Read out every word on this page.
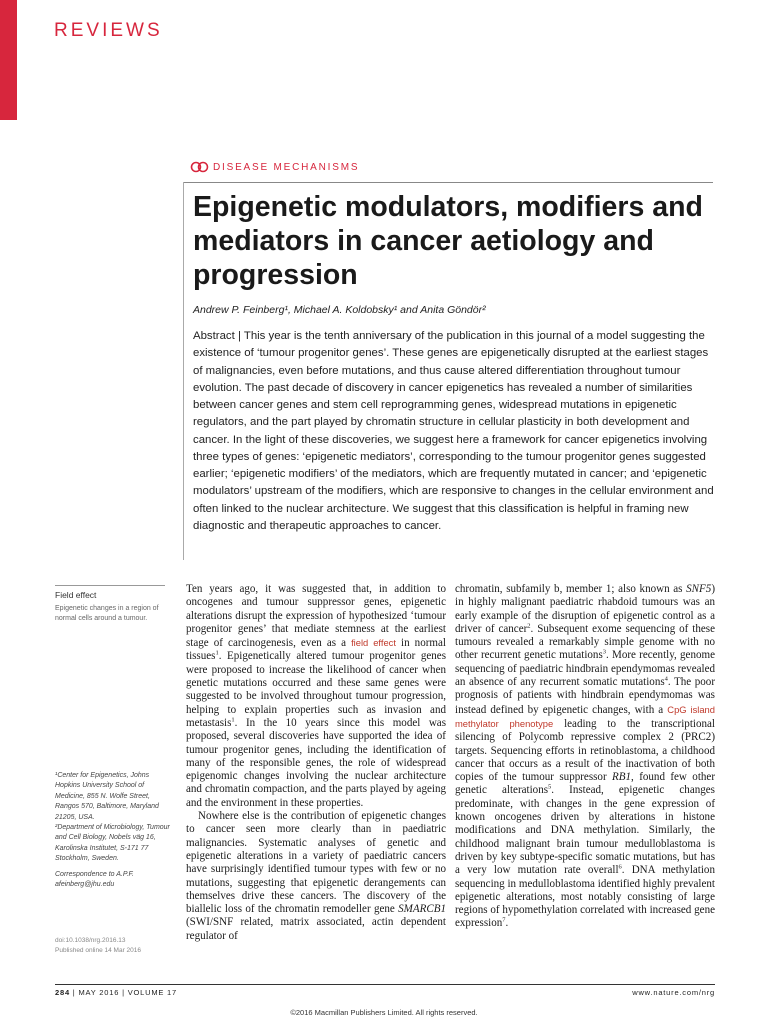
REVIEWS
DISEASE MECHANISMS
Epigenetic modulators, modifiers and mediators in cancer aetiology and progression
Andrew P. Feinberg¹, Michael A. Koldobsky¹ and Anita Göndör²

Abstract | This year is the tenth anniversary of the publication in this journal of a model suggesting the existence of ‘tumour progenitor genes’. These genes are epigenetically disrupted at the earliest stages of malignancies, even before mutations, and thus cause altered differentiation throughout tumour evolution. The past decade of discovery in cancer epigenetics has revealed a number of similarities between cancer genes and stem cell reprogramming genes, widespread mutations in epigenetic regulators, and the part played by chromatin structure in cellular plasticity in both development and cancer. In the light of these discoveries, we suggest here a framework for cancer epigenetics involving three types of genes: ‘epigenetic mediators’, corresponding to the tumour progenitor genes suggested earlier; ‘epigenetic modifiers’ of the mediators, which are frequently mutated in cancer; and ‘epigenetic modulators’ upstream of the modifiers, which are responsive to changes in the cellular environment and often linked to the nuclear architecture. We suggest that this classification is helpful in framing new diagnostic and therapeutic approaches to cancer.

Field effect
Epigenetic changes in a region of normal cells around a tumour.

¹Center for Epigenetics, Johns Hopkins University School of Medicine, 855 N. Wolfe Street, Rangos 570, Baltimore, Maryland 21205, USA.

²Department of Microbiology, Tumour and Cell Biology, Nobels väg 16, Karolinska Institutet, S-171 77 Stockholm, Sweden.

Correspondence to A.P.F. afeinberg@jhu.edu

doi:10.1038/nrg.2016.13
Published online 14 Mar 2016

Ten years ago, it was suggested that, in addition to oncogenes and tumour suppressor genes, epigenetic alterations disrupt the expression of hypothesized ‘tumour progenitor genes’ that mediate stemness at the earliest stage of carcinogenesis, even as a field effect in normal tissues$^1$. Epigenetically altered tumour progenitor genes were proposed to increase the likelihood of cancer when genetic mutations occurred and these same genes were suggested to be involved throughout tumour progression, helping to explain properties such as invasion and metastasis$^1$. In the 10 years since this model was proposed, several discoveries have supported the idea of tumour progenitor genes, including the identification of many of the responsible genes, the role of widespread epigenomic changes involving the nuclear architecture and chromatin compaction, and the parts played by ageing and the environment in these properties.

Nowhere else is the contribution of epigenetic changes to cancer seen more clearly than in paediatric malignancies. Systematic analyses of genetic and epigenetic alterations in a variety of paediatric cancers have surprisingly identified tumour types with few or no mutations, suggesting that epigenetic derangements can themselves drive these cancers. The discovery of the biallelic loss of the chromatin remodeller gene SMARCB1 (SWI/SNF related, matrix associated, actin dependent regulator of

chromatin, subfamily b, member 1; also known as SNF5) in highly malignant paediatric rhabdoid tumours was an early example of the disruption of epigenetic control as a driver of cancer$^2$. Subsequent exome sequencing of these tumours revealed a remarkably simple genome with no other recurrent genetic mutations$^3$. More recently, genome sequencing of paediatric hindbrain ependymomas revealed an absence of any recurrent somatic mutations$^4$. The poor prognosis of patients with hindbrain ependymomas was instead defined by epigenetic changes, with a CpG island methylator phenotype leading to the transcriptional silencing of Polycomb repressive complex 2 (PRC2) targets. Sequencing efforts in retinoblastoma, a childhood cancer that occurs as a result of the inactivation of both copies of the tumour suppressor RB1, found few other genetic alterations$^5$. Instead, epigenetic changes predominate, with changes in the gene expression of known oncogenes driven by alterations in histone modifications and DNA methylation. Similarly, the childhood malignant brain tumour medulloblastoma is driven by key subtype-specific somatic mutations, but has a very low mutation rate overall$^6$. DNA methylation sequencing in medulloblastoma identified highly prevalent epigenetic alterations, most notably consisting of large regions of hypomethylation correlated with increased gene expression$^7$.

284 | MAY 2016 | VOLUME 17	www.nature.com/nrg
©2016 Macmillan Publishers Limited. All rights reserved.
